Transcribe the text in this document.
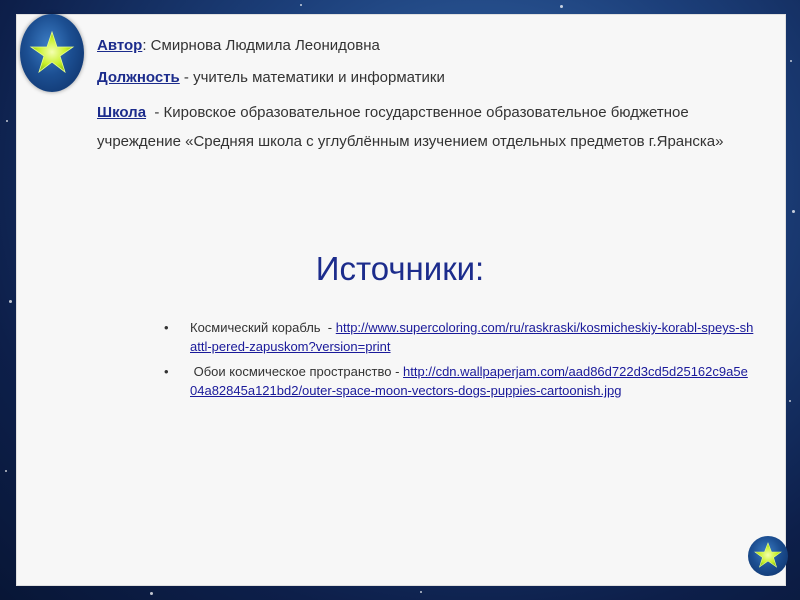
Автор: Смирнова Людмила Леонидовна

Должность - учитель математики и информатики

Школа  - Кировское образовательное государственное образовательное бюджетное учреждение «Средняя школа с углублённым изучением отдельных предметов г.Яранска»

Источники:
• Космический корабль  - http://www.supercoloring.com/ru/raskraski/kosmicheskiy-korabl-speys-shattl-pered-zapuskom?version=print
• Обои космическое пространство - http://cdn.wallpaperjam.com/aad86d722d3cd5d25162c9a5e04a82845a121bd2/outer-space-moon-vectors-dogs-puppies-cartoonish.jpg
